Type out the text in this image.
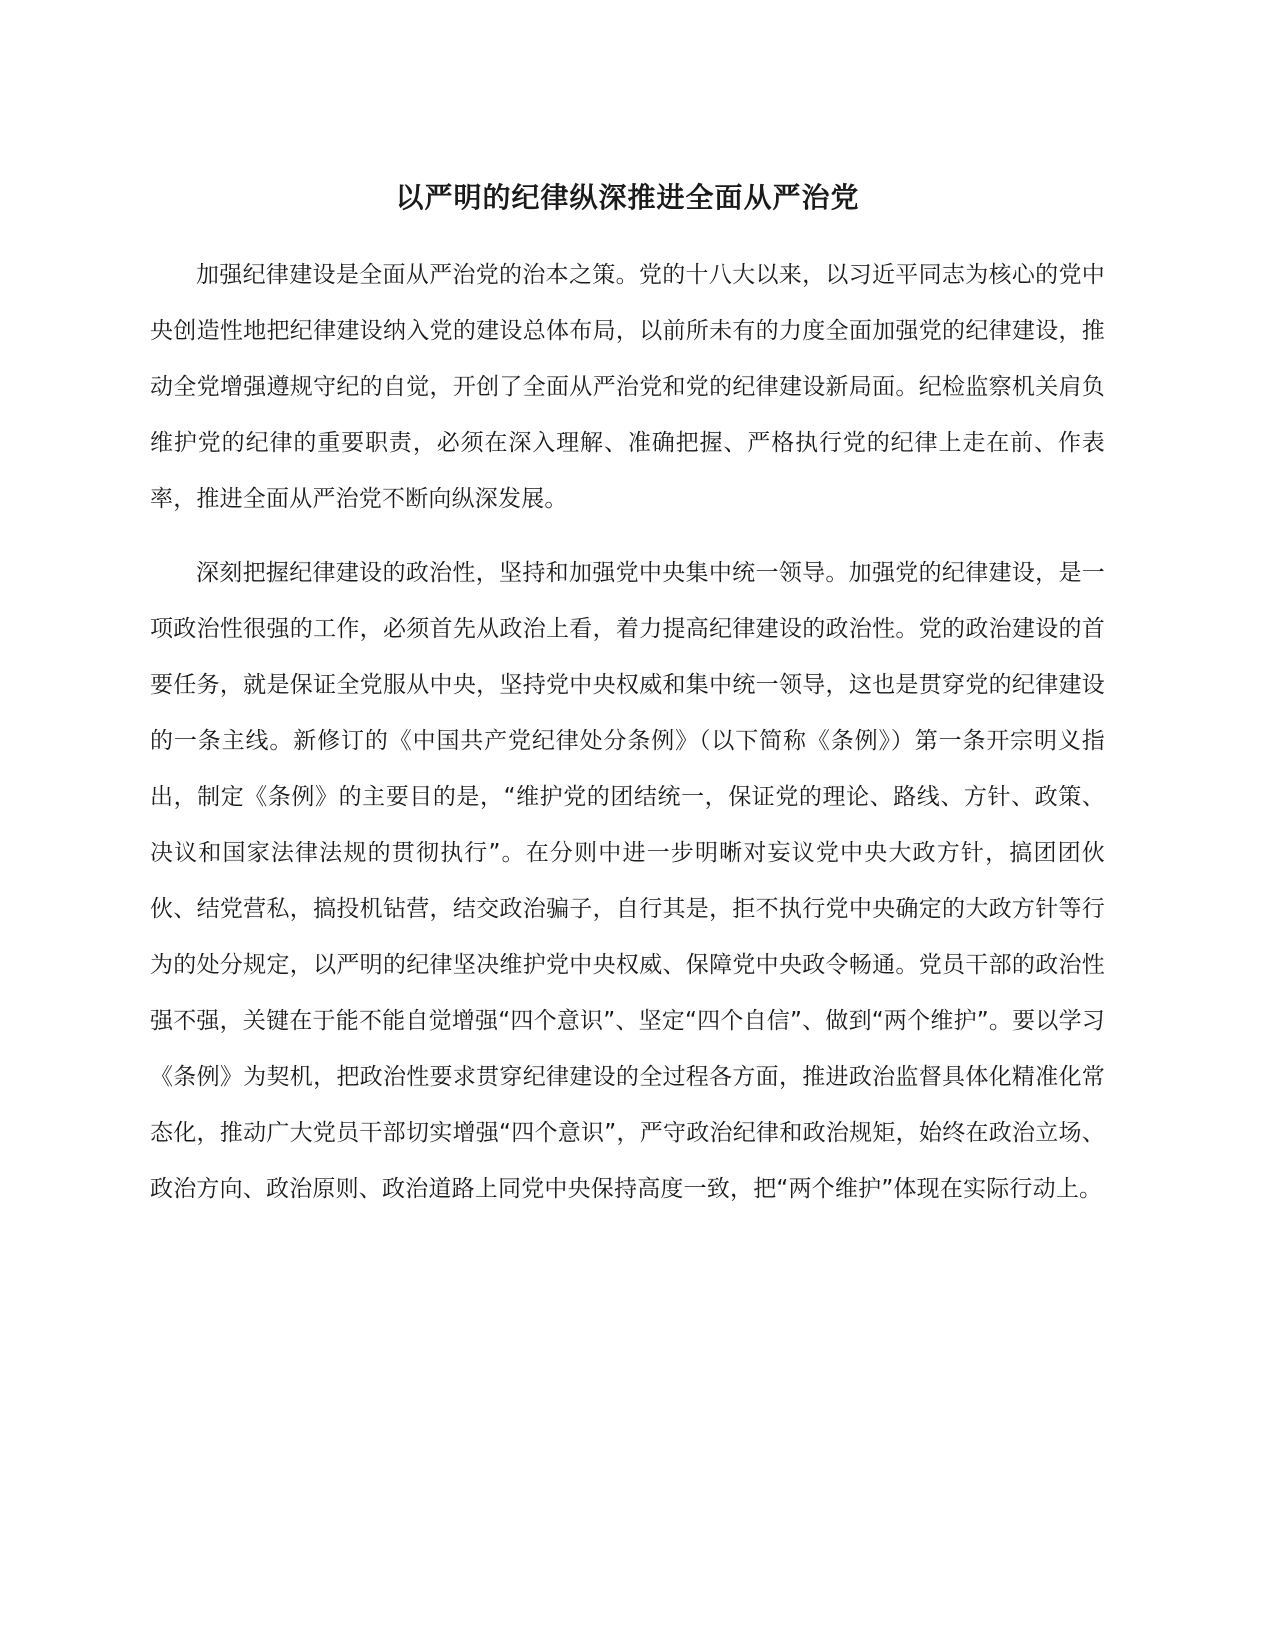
以严明的纪律纵深推进全面从严治党

加强纪律建设是全面从严治党的治本之策。党的十八大以来，以习近平同志为核心的党中央创造性地把纪律建设纳入党的建设总体布局，以前所未有的力度全面加强党的纪律建设，推动全党增强遵规守纪的自觉，开创了全面从严治党和党的纪律建设新局面。纪检监察机关肩负维护党的纪律的重要职责，必须在深入理解、准确把握、严格执行党的纪律上走在前、作表率，推进全面从严治党不断向纵深发展。

深刻把握纪律建设的政治性，坚持和加强党中央集中统一领导。加强党的纪律建设，是一项政治性很强的工作，必须首先从政治上看，着力提高纪律建设的政治性。党的政治建设的首要任务，就是保证全党服从中央，坚持党中央权威和集中统一领导，这也是贯穿党的纪律建设的一条主线。新修订的《中国共产党纪律处分条例》（以下简称《条例》）第一条开宗明义指出，制定《条例》的主要目的是，“维护党的团结统一，保证党的理论、路线、方针、政策、决议和国家法律法规的贯彻执行”。在分则中进一步明晰对妄议党中央大政方针，搞团团伙伙、结党营私，搞投机钻营，结交政治骗子，自行其是，拒不执行党中央确定的大政方针等行为的处分规定，以严明的纪律坚决维护党中央权威、保障党中央政令畅通。党员干部的政治性强不强，关键在于能不能自觉增强“四个意识”、坚定“四个自信”、做到“两个维护”。要以学习《条例》为契机，把政治性要求贯穿纪律建设的全过程各方面，推进政治监督具体化精准化常态化，推动广大党员干部切实增强“四个意识”，严守政治纪律和政治规矩，始终在政治立场、政治方向、政治原则、政治道路上同党中央保持高度一致，把“两个维护”体现在实际行动上。
